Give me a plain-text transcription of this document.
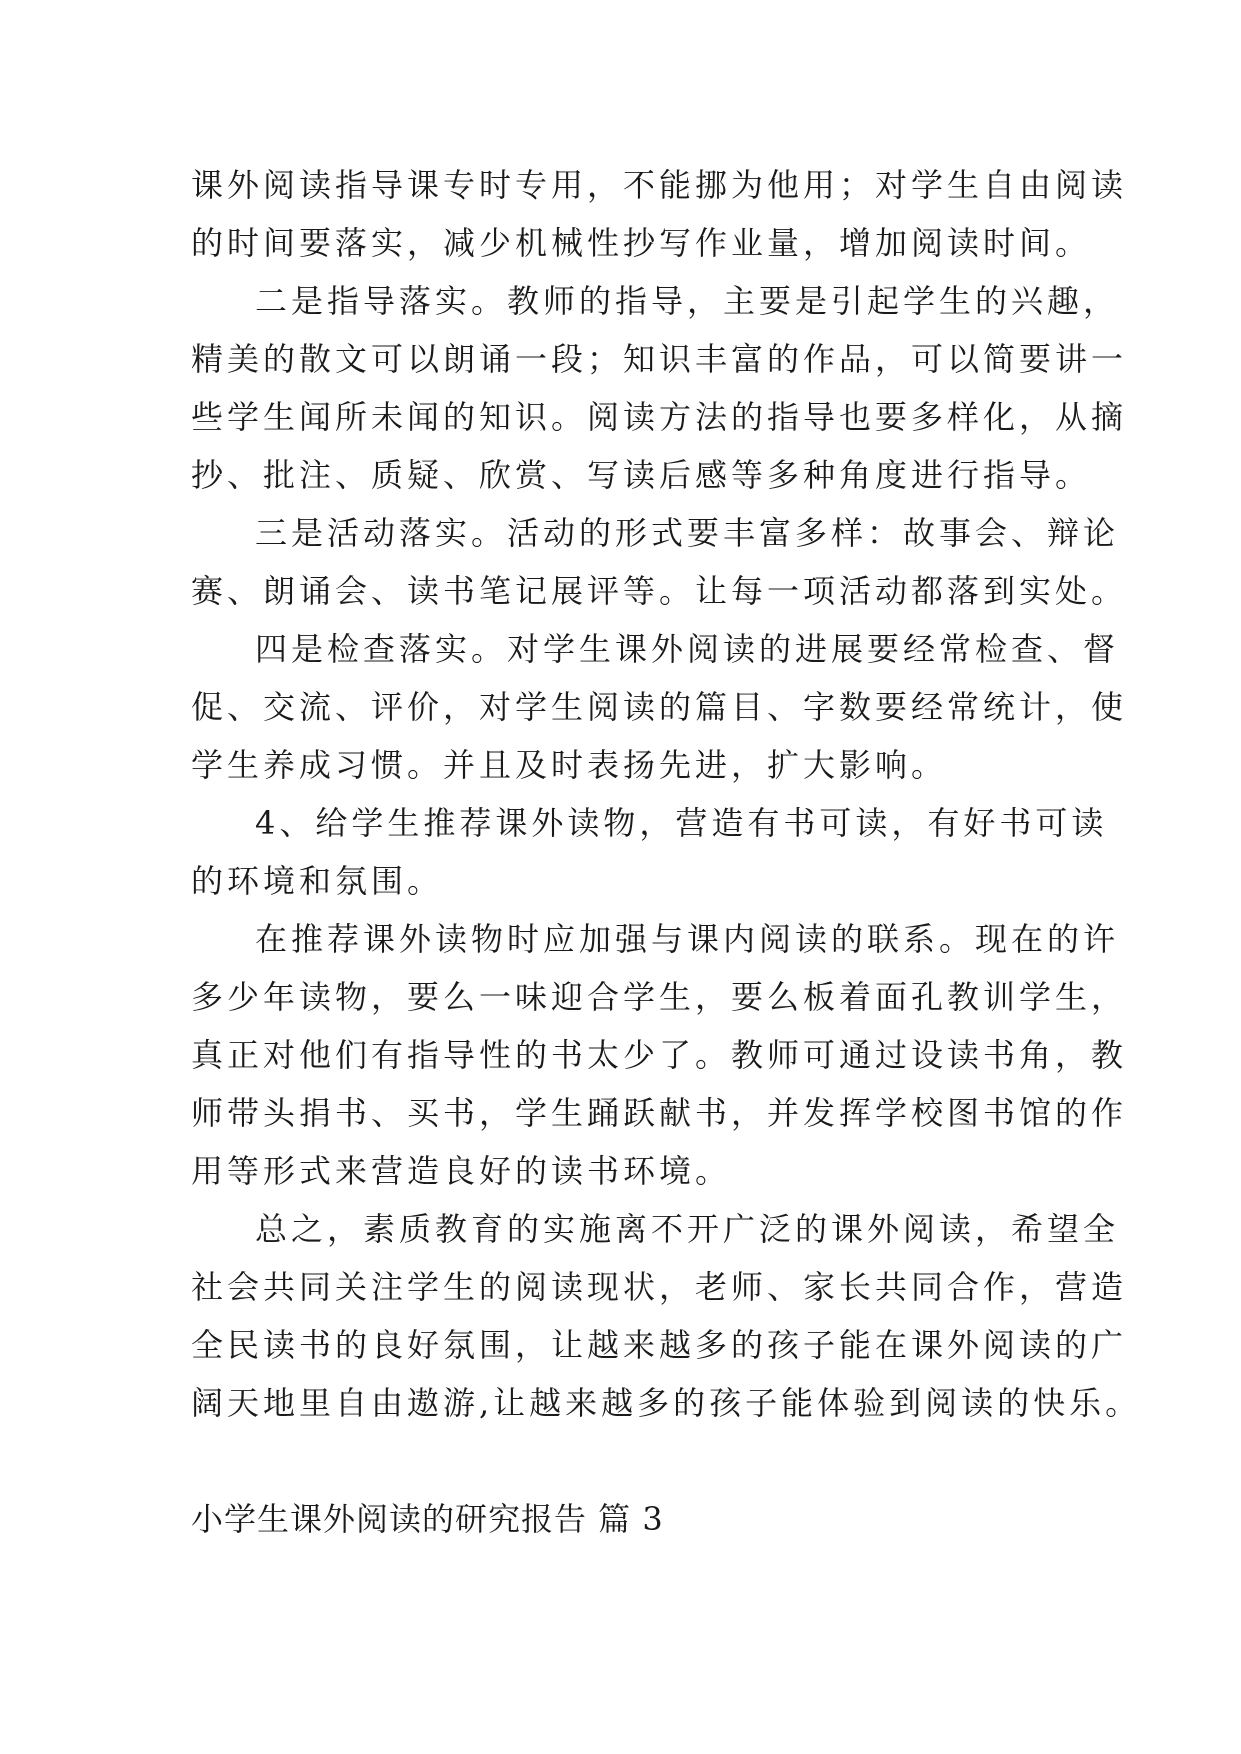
课外阅读指导课专时专用，不能挪为他用；对学生自由阅读
的时间要落实，减少机械性抄写作业量，增加阅读时间。
二是指导落实。教师的指导，主要是引起学生的兴趣，
精美的散文可以朗诵一段；知识丰富的作品，可以简要讲一
些学生闻所未闻的知识。阅读方法的指导也要多样化，从摘
抄、批注、质疑、欣赏、写读后感等多种角度进行指导。
三是活动落实。活动的形式要丰富多样：故事会、辩论
赛、朗诵会、读书笔记展评等。让每一项活动都落到实处。
四是检查落实。对学生课外阅读的进展要经常检查、督
促、交流、评价，对学生阅读的篇目、字数要经常统计，使
学生养成习惯。并且及时表扬先进，扩大影响。
4、给学生推荐课外读物，营造有书可读，有好书可读
的环境和氛围。
在推荐课外读物时应加强与课内阅读的联系。现在的许
多少年读物，要么一味迎合学生，要么板着面孔教训学生，
真正对他们有指导性的书太少了。教师可通过设读书角，教
师带头捐书、买书，学生踊跃献书，并发挥学校图书馆的作
用等形式来营造良好的读书环境。
总之，素质教育的实施离不开广泛的课外阅读，希望全
社会共同关注学生的阅读现状，老师、家长共同合作，营造
全民读书的良好氛围，让越来越多的孩子能在课外阅读的广
阔天地里自由遨游,让越来越多的孩子能体验到阅读的快乐。
小学生课外阅读的研究报告 篇 3
